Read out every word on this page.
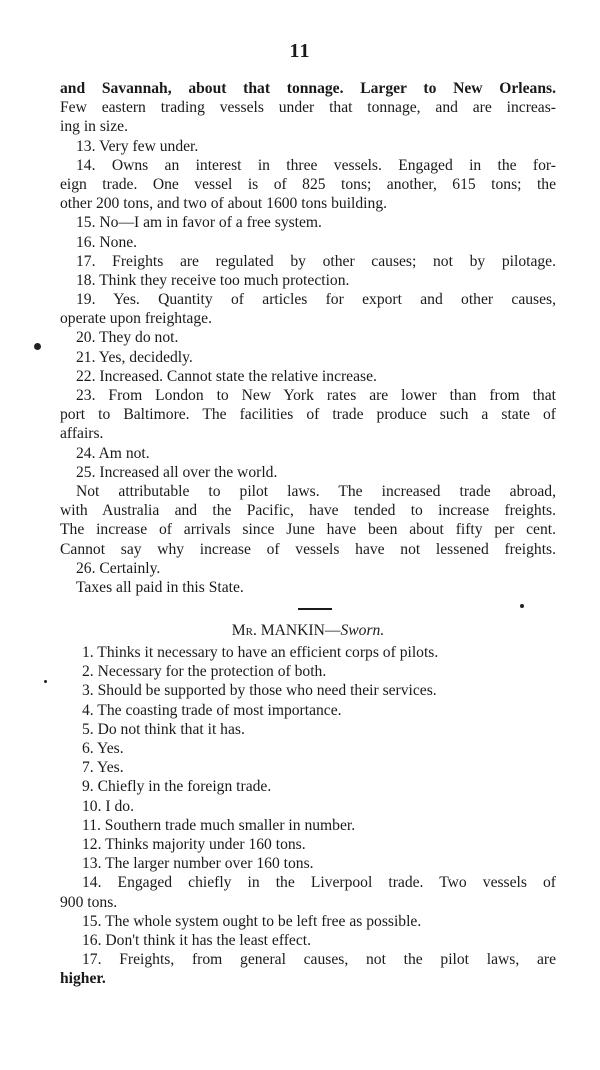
11
and Savannah, about that tonnage. Larger to New Orleans.
Few eastern trading vessels under that tonnage, and are increas-
ing in size.
13. Very few under.
14. Owns an interest in three vessels. Engaged in the for-
eign trade. One vessel is of 825 tons; another, 615 tons; the
other 200 tons, and two of about 1600 tons building.
15. No—I am in favor of a free system.
16. None.
17. Freights are regulated by other causes; not by pilotage.
18. Think they receive too much protection.
19. Yes. Quantity of articles for export and other causes,
operate upon freightage.
20. They do not.
21. Yes, decidedly.
22. Increased. Cannot state the relative increase.
23. From London to New York rates are lower than from that
port to Baltimore. The facilities of trade produce such a state of
affairs.
24. Am not.
25. Increased all over the world.
Not attributable to pilot laws. The increased trade abroad,
with Australia and the Pacific, have tended to increase freights.
The increase of arrivals since June have been about fifty per cent.
Cannot say why increase of vessels have not lessened freights.
26. Certainly.
Taxes all paid in this State.
Mr. MANKIN—Sworn.
1. Thinks it necessary to have an efficient corps of pilots.
2. Necessary for the protection of both.
3. Should be supported by those who need their services.
4. The coasting trade of most importance.
5. Do not think that it has.
6. Yes.
7. Yes.
9. Chiefly in the foreign trade.
10. I do.
11. Southern trade much smaller in number.
12. Thinks majority under 160 tons.
13. The larger number over 160 tons.
14. Engaged chiefly in the Liverpool trade. Two vessels of
900 tons.
15. The whole system ought to be left free as possible.
16. Don't think it has the least effect.
17. Freights, from general causes, not the pilot laws, are
higher.
